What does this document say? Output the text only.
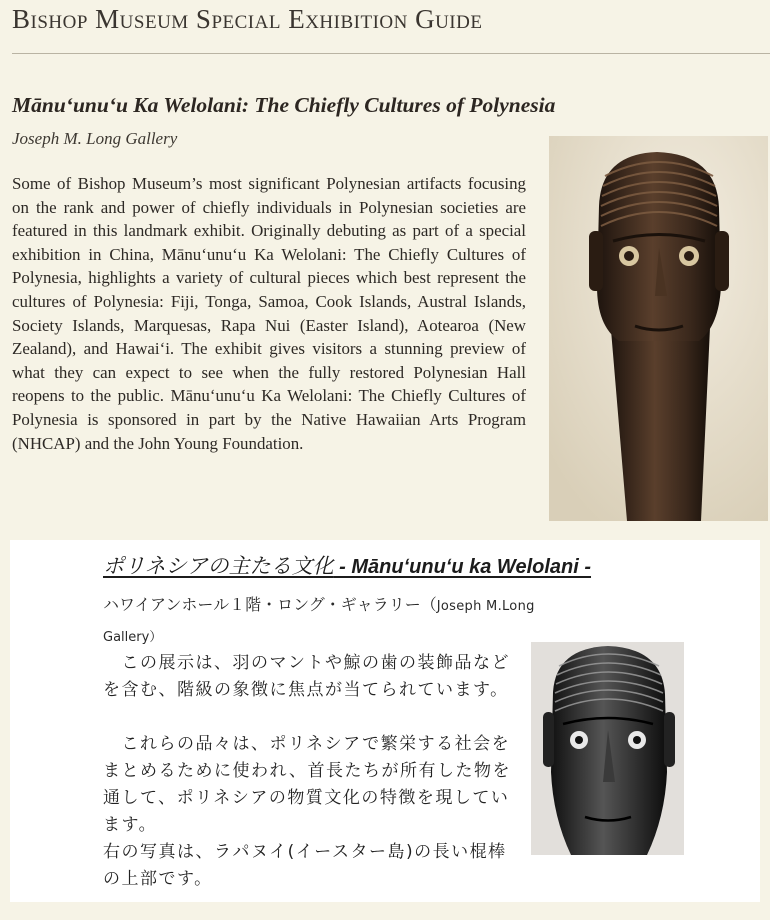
Bishop Museum Special Exhibition Guide
Mānuʻunuʻu Ka Welolani: The Chiefly Cultures of Polynesia
Joseph M. Long Gallery

Some of Bishop Museum’s most significant Polynesian artifacts focusing on the rank and power of chiefly individuals in Polynesian societies are featured in this landmark exhibit. Originally debuting as part of a special exhibition in China, Mānuʻunuʻu Ka Welolani: The Chiefly Cultures of Polynesia, highlights a variety of cultural pieces which best represent the cultures of Polynesia: Fiji, Tonga, Samoa, Cook Islands, Austral Islands, Society Islands, Marquesas, Rapa Nui (Easter Island), Aotearoa (New Zealand), and Hawaiʻi. The exhibit gives visitors a stunning preview of what they can expect to see when the fully restored Polynesian Hall reopens to the public. Mānuʻunuʻu Ka Welolani: The Chiefly Cultures of Polynesia is sponsored in part by the Native Hawaiian Arts Program (NHCAP) and the John Young Foundation.

ポリネシアの主たる文化 - Mānuʻunuʻu ka Welolani -
ハワイアンホール１階・ロング・ギャラリー（Joseph M.Long
Gallery）

　この展示は、羽のマントや鯨の歯の装飾品などを含む、階級の象徴に焦点が当てられています。

　これらの品々は、ポリネシアで繁栄する社会をまとめるために使われ、首長たちが所有した物を通して、ポリネシアの物質文化の特徴を現しています。

右の写真は、ラパヌイ(イースター島)の長い棍棒の上部です。
